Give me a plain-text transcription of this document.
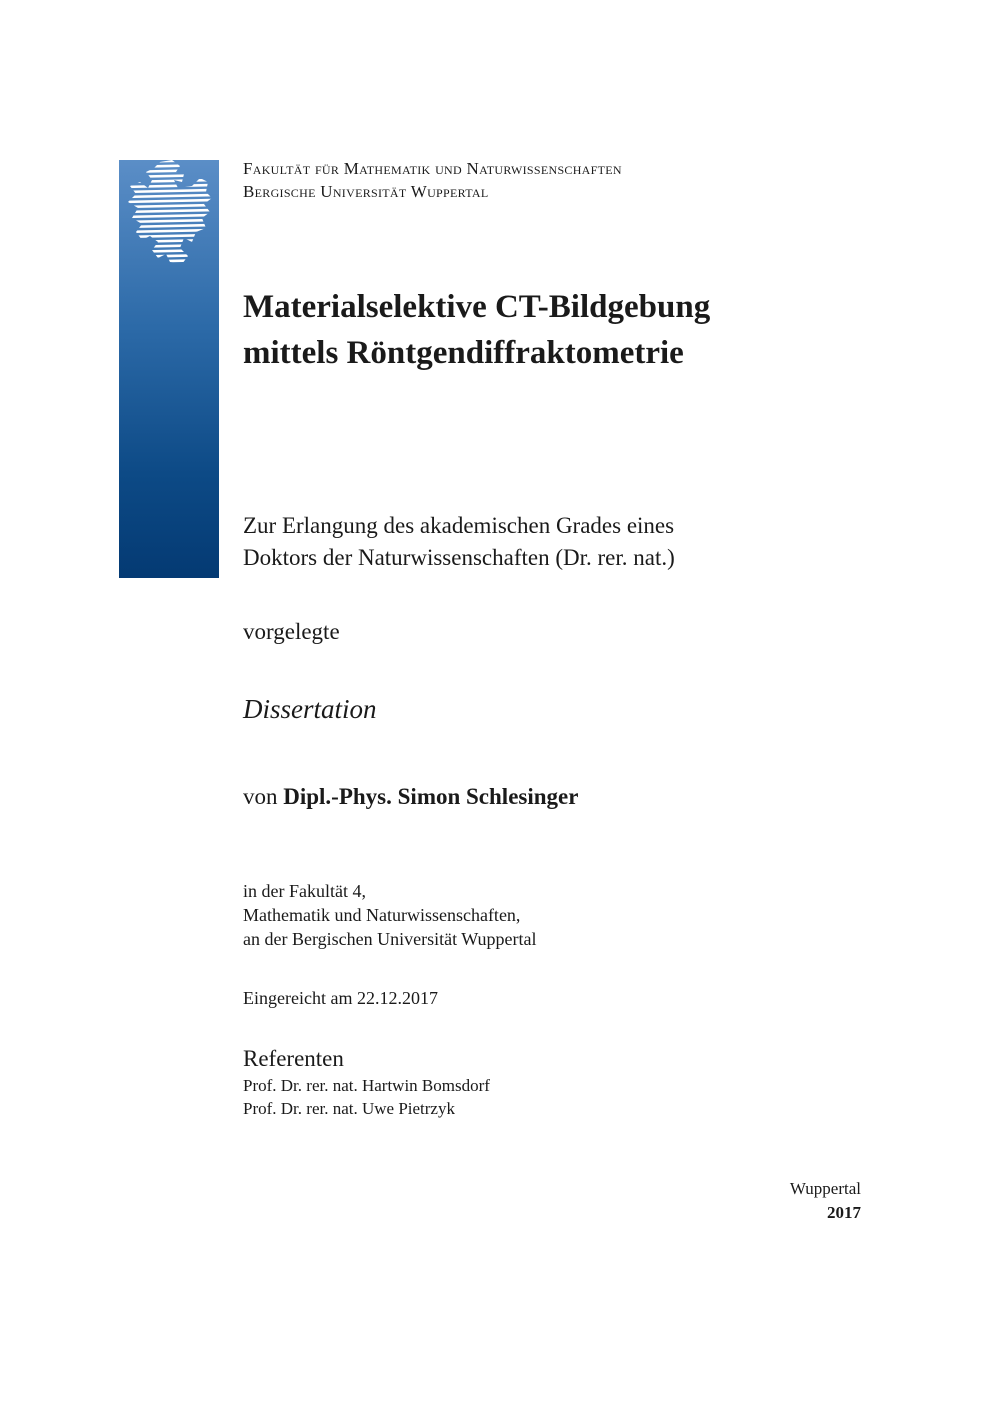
Fakultät für Mathematik und Naturwissenschaften
Bergische Universität Wuppertal
Materialselektive CT-Bildgebung
mittels Röntgendiffraktometrie
Zur Erlangung des akademischen Grades eines
Doktors der Naturwissenschaften (Dr. rer. nat.)
vorgelegte
Dissertation
von Dipl.-Phys. Simon Schlesinger
in der Fakultät 4,
Mathematik und Naturwissenschaften,
an der Bergischen Universität Wuppertal
Eingereicht am 22.12.2017
Referenten
Prof. Dr. rer. nat. Hartwin Bomsdorf
Prof. Dr. rer. nat. Uwe Pietrzyk
Wuppertal
2017
